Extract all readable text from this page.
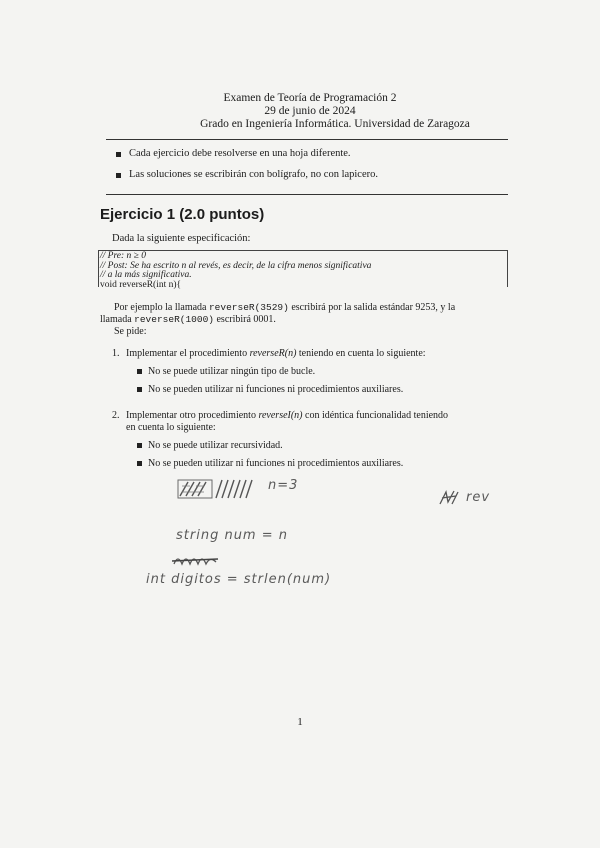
Examen de Teoría de Programación 2
29 de junio de 2024
Grado en Ingeniería Informática. Universidad de Zaragoza
Cada ejercicio debe resolverse en una hoja diferente.
Las soluciones se escribirán con bolígrafo, no con lapicero.
Ejercicio 1 (2.0 puntos)
Dada la siguiente especificación:
// Pre: n ≥ 0
// Post: Se ha escrito n al revés, es decir, de la cifra menos significativa
// a la más significativa.
void reverseR(int n){
Por ejemplo la llamada reverseR(3529) escribirá por la salida estándar 9253, y la
llamada reverseR(1000) escribirá 0001.
Se pide:
1. Implementar el procedimiento reverseR(n) teniendo en cuenta lo siguiente:
No se puede utilizar ningún tipo de bucle.
No se pueden utilizar ni funciones ni procedimientos auxiliares.
2. Implementar otro procedimiento reverseI(n) con idéntica funcionalidad teniendo
en cuenta lo siguiente:
No se puede utilizar recursividad.
No se pueden utilizar ni funciones ni procedimientos auxiliares.
n=3
rev
string num = n
int digitos = strlen(num)
1
